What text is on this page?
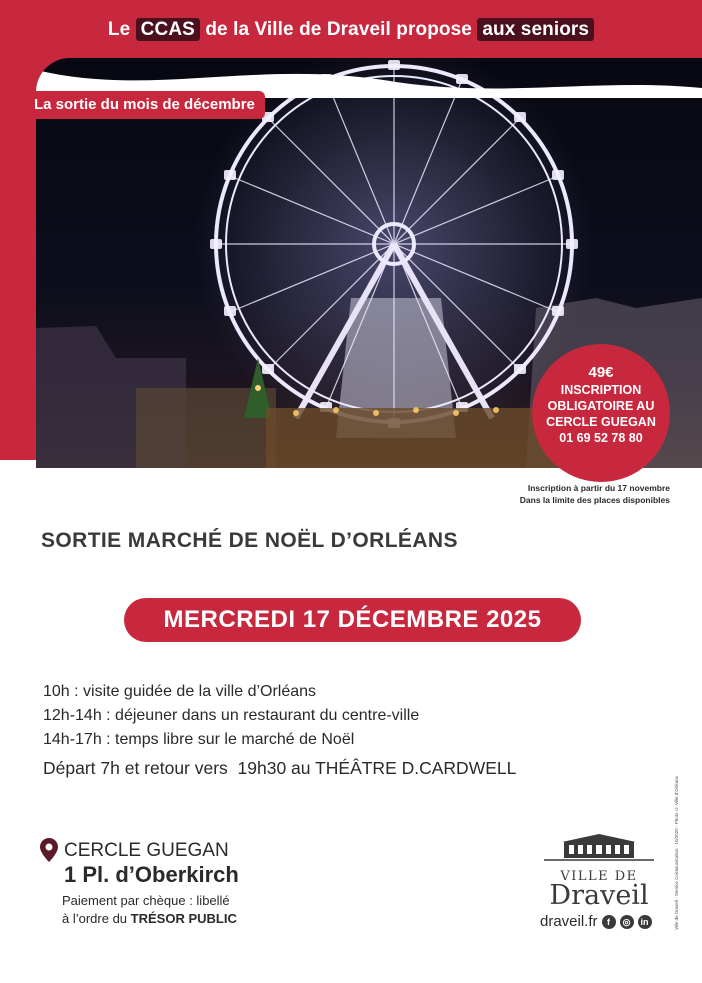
Le CCAS de la Ville de Draveil propose aux seniors
La sortie du mois de décembre
49€
INSCRIPTION
OBLIGATOIRE AU
CERCLE GUEGAN
01 69 52 78 80
Inscription à partir du 17 novembre
Dans la limite des places disponibles
SORTIE MARCHÉ DE NOËL D’ORLÉANS
MERCREDI 17 DÉCEMBRE 2025
10h : visite guidée de la ville d’Orléans
12h-14h : déjeuner dans un restaurant du centre-ville
14h-17h : temps libre sur le marché de Noël
Départ 7h et retour vers  19h30 au THÉÂTRE D.CARDWELL
CERCLE GUEGAN
1 Pl. d’Oberkirch
Paiement par chèque : libellé
à l’ordre du TRÉSOR PUBLIC
VILLE DE
Draveil
draveil.fr	f	◎	in	Ville de Draveil - Service Communication - 10/2025 - Photo © Ville d’Orléans
